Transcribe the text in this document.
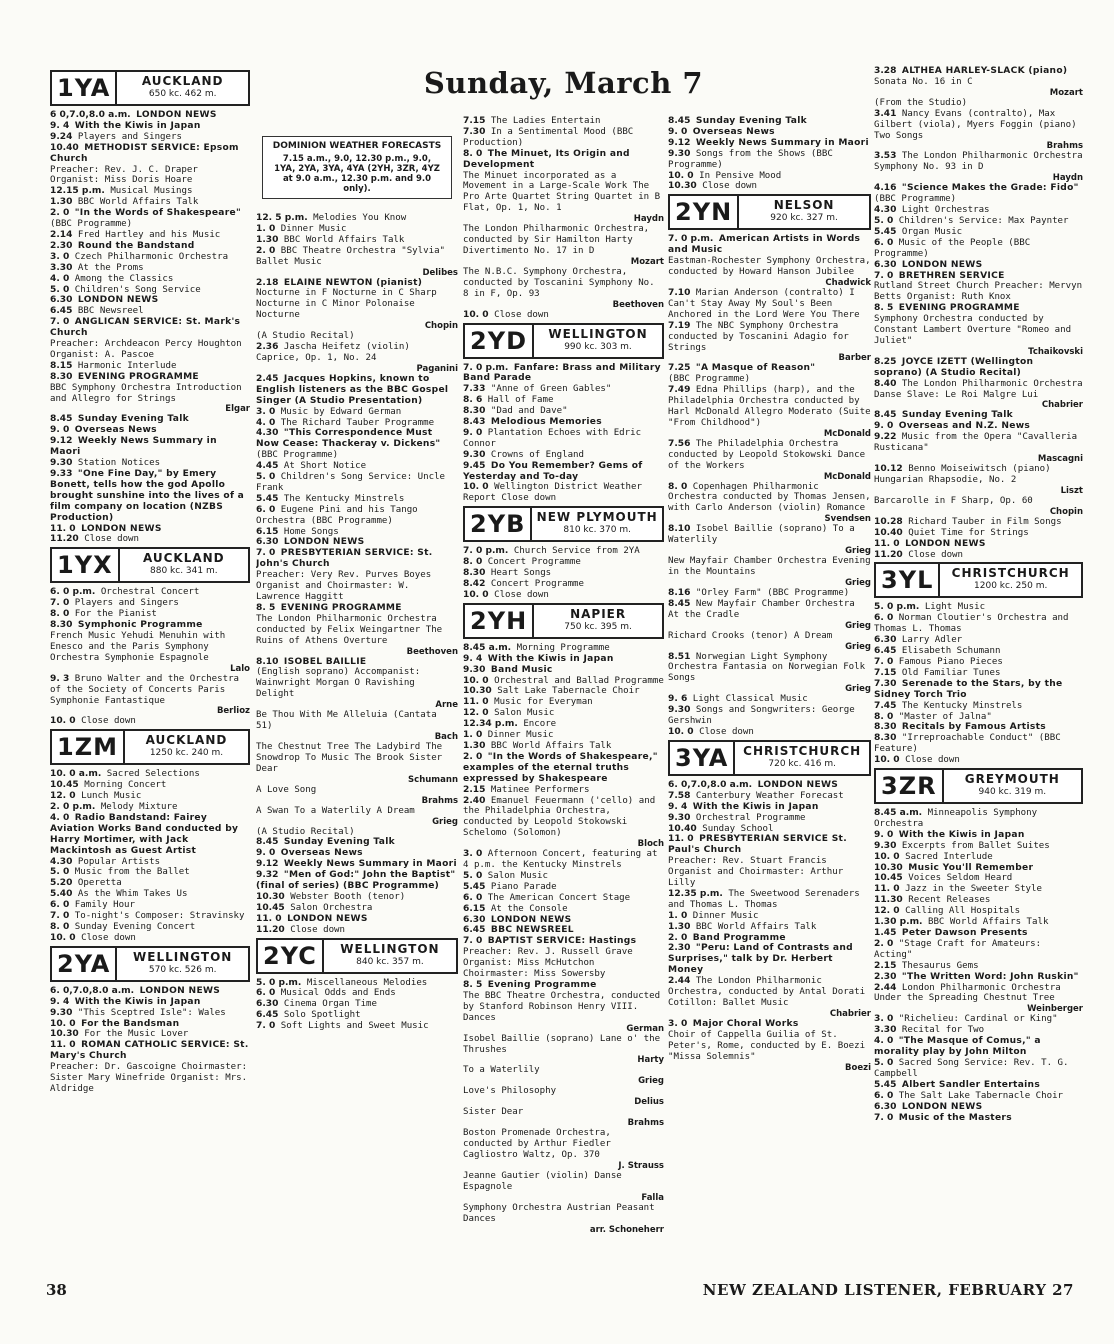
Sunday, March 7
1YA	AUCKLAND
650 kc. 462 m.
6 0,7.0,8.0 a.m. LONDON NEWS
9. 4 With the Kiwis in Japan
9.24 Players and Singers
10.40 METHODIST SERVICE: Epsom Church
Preacher: Rev. J. C. Draper Organist: Miss Doris Hoare
12.15 p.m. Musical Musings
1.30 BBC World Affairs Talk
2. 0 "In the Words of Shakespeare"
(BBC Programme)
2.14 Fred Hartley and his Music
2.30 Round the Bandstand
3. 0 Czech Philharmonic Orchestra
3.30 At the Proms
4. 0 Among the Classics
5. 0 Children's Song Service
6.30 LONDON NEWS
6.45 BBC Newsreel
7. 0 ANGLICAN SERVICE: St. Mark's Church
Preacher: Archdeacon Percy Houghton Organist: A. Pascoe
8.15 Harmonic Interlude
8.30 EVENING PROGRAMME
BBC Symphony Orchestra Introduction and Allegro for Strings
Elgar
8.45 Sunday Evening Talk
9. 0 Overseas News
9.12 Weekly News Summary in Maori
9.30 Station Notices
9.33 "One Fine Day," by Emery Bonett, tells how the god Apollo brought sunshine into the lives of a film company on location (NZBS Production)
11. 0 LONDON NEWS
11.20 Close down
1YX	AUCKLAND
880 kc. 341 m.
6. 0 p.m. Orchestral Concert
7. 0 Players and Singers
8. 0 For the Pianist
8.30 Symphonic Programme
French Music Yehudi Menuhin with Enesco and the Paris Symphony Orchestra Symphonie Espagnole
Lalo
9. 3 Bruno Walter and the Orchestra of the Society of Concerts Paris Symphonie Fantastique
Berlioz
10. 0 Close down
1ZM	AUCKLAND
1250 kc. 240 m.
10. 0 a.m. Sacred Selections
10.45 Morning Concert
12. 0 Lunch Music
2. 0 p.m. Melody Mixture
4. 0 Radio Bandstand: Fairey Aviation Works Band conducted by Harry Mortimer, with Jack Mackintosh as Guest Artist
4.30 Popular Artists
5. 0 Music from the Ballet
5.20 Operetta
5.40 As the Whim Takes Us
6. 0 Family Hour
7. 0 To-night's Composer: Stravinsky
8. 0 Sunday Evening Concert
10. 0 Close down
2YA	WELLINGTON
570 kc. 526 m.
6. 0,7.0,8.0 a.m. LONDON NEWS
9. 4 With the Kiwis in Japan
9.30 "This Sceptred Isle": Wales
10. 0 For the Bandsman
10.30 For the Music Lover
11. 0 ROMAN CATHOLIC SERVICE: St. Mary's Church
Preacher: Dr. Gascoigne Choirmaster: Sister Mary Winefride Organist: Mrs. Aldridge
DOMINION WEATHER FORECASTS
7.15 a.m., 9.0, 12.30 p.m., 9.0, 1YA, 2YA, 3YA, 4YA (2YH, 3ZR, 4YZ at 9.0 a.m., 12.30 p.m. and 9.0 only).
12. 5 p.m. Melodies You Know
1. 0 Dinner Music
1.30 BBC World Affairs Talk
2. 0 BBC Theatre Orchestra "Sylvia" Ballet Music
Delibes
2.18 ELAINE NEWTON (pianist)
Nocturne in F Nocturne in C Sharp Nocturne in C Minor Polonaise Nocturne
Chopin
(A Studio Recital)
2.36 Jascha Heifetz (violin) Caprice, Op. 1, No. 24
Paganini
2.45 Jacques Hopkins, known to English listeners as the BBC Gospel Singer (A Studio Presentation)
3. 0 Music by Edward German
4. 0 The Richard Tauber Programme
4.30 "This Correspondence Must Now Cease: Thackeray v. Dickens"
(BBC Programme)
4.45 At Short Notice
5. 0 Children's Song Service: Uncle Frank
5.45 The Kentucky Minstrels
6. 0 Eugene Pini and his Tango Orchestra (BBC Programme)
6.15 Home Songs
6.30 LONDON NEWS
7. 0 PRESBYTERIAN SERVICE: St. John's Church
Preacher: Very Rev. Purves Boyes Organist and Choirmaster: W. Lawrence Haggitt
8. 5 EVENING PROGRAMME
The London Philharmonic Orchestra conducted by Felix Weingartner The Ruins of Athens Overture
Beethoven
8.10 ISOBEL BAILLIE
(English soprano) Accompanist: Wainwright Morgan O Ravishing Delight
Arne
Be Thou With Me Alleluia (Cantata 51)
Bach
The Chestnut Tree The Ladybird The Snowdrop To Music The Brook Sister Dear
Schumann
A Love Song
Brahms
A Swan To a Waterlily A Dream
Grieg
(A Studio Recital)
8.45 Sunday Evening Talk
9. 0 Overseas News
9.12 Weekly News Summary in Maori
9.32 "Men of God:" John the Baptist" (final of series) (BBC Programme)
10.30 Webster Booth (tenor)
10.45 Salon Orchestra
11. 0 LONDON NEWS
11.20 Close down
2YC	WELLINGTON
840 kc. 357 m.
5. 0 p.m. Miscellaneous Melodies
6. 0 Musical Odds and Ends
6.30 Cinema Organ Time
6.45 Solo Spotlight
7. 0 Soft Lights and Sweet Music
7.15 The Ladies Entertain
7.30 In a Sentimental Mood (BBC Production)
8. 0 The Minuet, Its Origin and Development
The Minuet incorporated as a Movement in a Large-Scale Work The Pro Arte Quartet String Quartet in B Flat, Op. 1, No. 1
Haydn
The London Philharmonic Orchestra, conducted by Sir Hamilton Harty Divertimento No. 17 in D
Mozart
The N.B.C. Symphony Orchestra, conducted by Toscanini Symphony No. 8 in F, Op. 93
Beethoven
10. 0 Close down
2YD	WELLINGTON
990 kc. 303 m.
7. 0 p.m. Fanfare: Brass and Military Band Parade
7.33 "Anne of Green Gables"
8. 6 Hall of Fame
8.30 "Dad and Dave"
8.43 Melodious Memories
9. 0 Plantation Echoes with Edric Connor
9.30 Crowns of England
9.45 Do You Remember? Gems of Yesterday and To-day
10. 0 Wellington District Weather Report Close down
2YB NEW PLYMOUTH
810 kc. 370 m.
7. 0 p.m. Church Service from 2YA
8. 0 Concert Programme
8.30 Heart Songs
8.42 Concert Programme
10. 0 Close down
2YH	NAPIER
750 kc. 395 m.
8.45 a.m. Morning Programme
9. 4 With the Kiwis in Japan
9.30 Band Music
10. 0 Orchestral and Ballad Programme
10.30 Salt Lake Tabernacle Choir
11. 0 Music for Everyman
12. 0 Salon Music
12.34 p.m. Encore
1. 0 Dinner Music
1.30 BBC World Affairs Talk
2. 0 "In the Words of Shakespeare," examples of the eternal truths expressed by Shakespeare
2.15 Matinee Performers
2.40 Emanuel Feuermann ('cello) and the Philadelphia Orchestra, conducted by Leopold Stokowski Schelomo (Solomon)
Bloch
3. 0 Afternoon Concert, featuring at 4 p.m. the Kentucky Minstrels
5. 0 Salon Music
5.45 Piano Parade
6. 0 The American Concert Stage
6.15 At the Console
6.30 LONDON NEWS
6.45 BBC NEWSREEL
7. 0 BAPTIST SERVICE: Hastings
Preacher: Rev. J. Russell Grave Organist: Miss McHutchon Choirmaster: Miss Sowersby
8. 5 Evening Programme
The BBC Theatre Orchestra, conducted by Stanford Robinson Henry VIII. Dances
German
Isobel Baillie (soprano) Lane o' the Thrushes
Harty
To a Waterlily
Grieg
Love's Philosophy
Delius
Sister Dear
Brahms
Boston Promenade Orchestra, conducted by Arthur Fiedler Cagliostro Waltz, Op. 370
J. Strauss
Jeanne Gautier (violin) Danse Espagnole
Falla
Symphony Orchestra Austrian Peasant Dances
arr. Schoneherr
8.45 Sunday Evening Talk
9. 0 Overseas News
9.12 Weekly News Summary in Maori
9.30 Songs from the Shows (BBC Programme)
10. 0 In Pensive Mood
10.30 Close down
2YN	NELSON
920 kc. 327 m.
7. 0 p.m. American Artists in Words and Music
Eastman-Rochester Symphony Orchestra, conducted by Howard Hanson Jubilee
Chadwick
7.10 Marian Anderson (contralto) I Can't Stay Away My Soul's Been Anchored in the Lord Were You There
7.19 The NBC Symphony Orchestra conducted by Toscanini Adagio for Strings
Barber
7.25 "A Masque of Reason"
(BBC Programme)
7.49 Edna Phillips (harp), and the Philadelphia Orchestra conducted by Harl McDonald Allegro Moderato (Suite "From Childhood")
McDonald
7.56 The Philadelphia Orchestra conducted by Leopold Stokowski Dance of the Workers
McDonald
8. 0 Copenhagen Philharmonic Orchestra conducted by Thomas Jensen, with Carlo Anderson (violin) Romance
Svendsen
8.10 Isobel Baillie (soprano) To a Waterlily
Grieg
New Mayfair Chamber Orchestra Evening in the Mountains
Grieg
8.16 "Orley Farm" (BBC Programme)
8.45 New Mayfair Chamber Orchestra At the Cradle
Grieg
Richard Crooks (tenor) A Dream
Grieg
8.51 Norwegian Light Symphony Orchestra Fantasia on Norwegian Folk Songs
Grieg
9. 6 Light Classical Music
9.30 Songs and Songwriters: George Gershwin
10. 0 Close down
3YA	CHRISTCHURCH
720 kc. 416 m.
6. 0,7.0,8.0 a.m. LONDON NEWS
7.58 Canterbury Weather Forecast
9. 4 With the Kiwis in Japan
9.30 Orchestral Programme
10.40 Sunday School
11. 0 PRESBYTERIAN SERVICE St. Paul's Church
Preacher: Rev. Stuart Francis Organist and Choirmaster: Arthur Lilly
12.35 p.m. The Sweetwood Serenaders and Thomas L. Thomas
1. 0 Dinner Music
1.30 BBC World Affairs Talk
2. 0 Band Programme
2.30 "Peru: Land of Contrasts and Surprises," talk by Dr. Herbert Money
2.44 The London Philharmonic Orchestra, conducted by Antal Dorati Cotillon: Ballet Music
Chabrier
3. 0 Major Choral Works
Choir of Cappella Guilia of St. Peter's, Rome, conducted by E. Boezi "Missa Solemnis"
Boezi
3.28 ALTHEA HARLEY-SLACK (piano)
Sonata No. 16 in C
Mozart
(From the Studio)
3.41 Nancy Evans (contralto), Max Gilbert (viola), Myers Foggin (piano) Two Songs
Brahms
3.53 The London Philharmonic Orchestra Symphony No. 93 in D
Haydn
4.16 "Science Makes the Grade: Fido"
(BBC Programme)
4.30 Light Orchestras
5. 0 Children's Service: Max Paynter
5.45 Organ Music
6. 0 Music of the People (BBC Programme)
6.30 LONDON NEWS
7. 0 BRETHREN SERVICE
Rutland Street Church Preacher: Mervyn Betts Organist: Ruth Knox
8. 5 EVENING PROGRAMME
Symphony Orchestra conducted by Constant Lambert Overture "Romeo and Juliet"
Tchaikovski
8.25 JOYCE IZETT (Wellington soprano) (A Studio Recital)
8.40 The London Philharmonic Orchestra Danse Slave: Le Roi Malgre Lui
Chabrier
8.45 Sunday Evening Talk
9. 0 Overseas and N.Z. News
9.22 Music from the Opera "Cavalleria Rusticana"
Mascagni
10.12 Benno Moiseiwitsch (piano) Hungarian Rhapsodie, No. 2
Liszt
Barcarolle in F Sharp, Op. 60
Chopin
10.28 Richard Tauber in Film Songs
10.40 Quiet Time for Strings
11. 0 LONDON NEWS
11.20 Close down
3YL	CHRISTCHURCH
1200 kc. 250 m.
5. 0 p.m. Light Music
6. 0 Norman Cloutier's Orchestra and Thomas L. Thomas
6.30 Larry Adler
6.45 Elisabeth Schumann
7. 0 Famous Piano Pieces
7.15 Old Familiar Tunes
7.30 Serenade to the Stars, by the Sidney Torch Trio
7.45 The Kentucky Minstrels
8. 0 "Master of Jalna"
8.30 Recitals by Famous Artists
8.30 "Irreproachable Conduct" (BBC Feature)
10. 0 Close down
3ZR	GREYMOUTH
940 kc. 319 m.
8.45 a.m. Minneapolis Symphony Orchestra
9. 0 With the Kiwis in Japan
9.30 Excerpts from Ballet Suites
10. 0 Sacred Interlude
10.30 Music You'll Remember
10.45 Voices Seldom Heard
11. 0 Jazz in the Sweeter Style
11.30 Recent Releases
12. 0 Calling All Hospitals
1.30 p.m. BBC World Affairs Talk
1.45 Peter Dawson Presents
2. 0 "Stage Craft for Amateurs: Acting"
2.15 Thesaurus Gems
2.30 "The Written Word: John Ruskin"
2.44 London Philharmonic Orchestra Under the Spreading Chestnut Tree
Weinberger
3. 0 "Richelieu: Cardinal or King"
3.30 Recital for Two
4. 0 "The Masque of Comus," a morality play by John Milton
5. 0 Sacred Song Service: Rev. T. G. Campbell
5.45 Albert Sandler Entertains
6. 0 The Salt Lake Tabernacle Choir
6.30 LONDON NEWS
7. 0 Music of the Masters
38	NEW ZEALAND LISTENER, FEBRUARY 27
